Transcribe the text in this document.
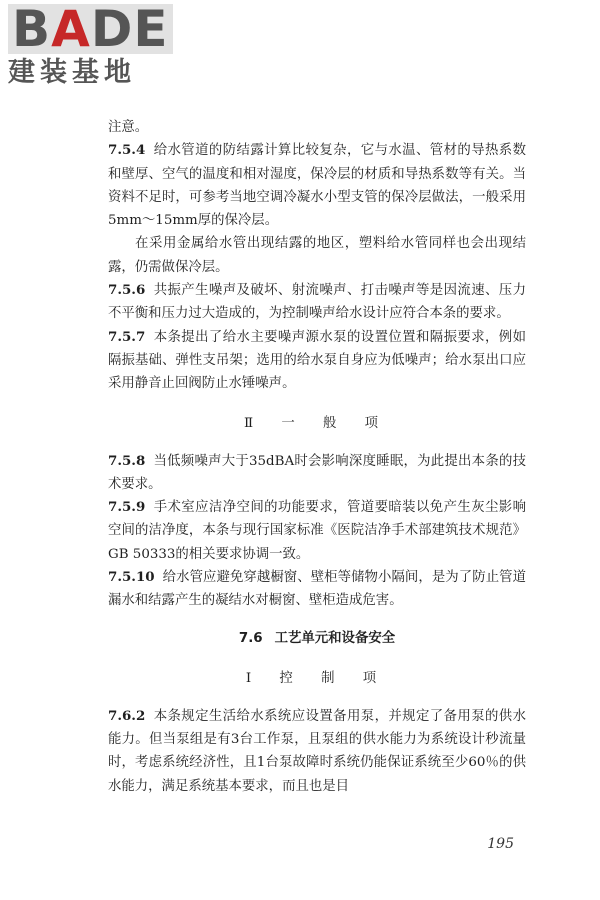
BADE
建装基地

注意。

7.5.4 给水管道的防结露计算比较复杂，它与水温、管材的导热系数和壁厚、空气的温度和相对湿度，保冷层的材质和导热系数等有关。当资料不足时，可参考当地空调冷凝水小型支管的保冷层做法，一般采用5mm～15mm厚的保冷层。

在采用金属给水管出现结露的地区，塑料给水管同样也会出现结露，仍需做保冷层。

7.5.6 共振产生噪声及破坏、射流噪声、打击噪声等是因流速、压力不平衡和压力过大造成的，为控制噪声给水设计应符合本条的要求。

7.5.7 本条提出了给水主要噪声源水泵的设置位置和隔振要求，例如隔振基础、弹性支吊架；选用的给水泵自身应为低噪声；给水泵出口应采用静音止回阀防止水锤噪声。

Ⅱ 一 般 项

7.5.8 当低频噪声大于35dBA时会影响深度睡眠，为此提出本条的技术要求。

7.5.9 手术室应洁净空间的功能要求，管道要暗装以免产生灰尘影响空间的洁净度，本条与现行国家标准《医院洁净手术部建筑技术规范》GB 50333的相关要求协调一致。

7.5.10 给水管应避免穿越橱窗、壁柜等储物小隔间，是为了防止管道漏水和结露产生的凝结水对橱窗、壁柜造成危害。

7.6 工艺单元和设备安全
Ⅰ 控 制 项

7.6.2 本条规定生活给水系统应设置备用泵，并规定了备用泵的供水能力。但当泵组是有3台工作泵，且泵组的供水能力为系统设计秒流量时，考虑系统经济性，且1台泵故障时系统仍能保证系统至少60％的供水能力，满足系统基本要求，而且也是目

195
